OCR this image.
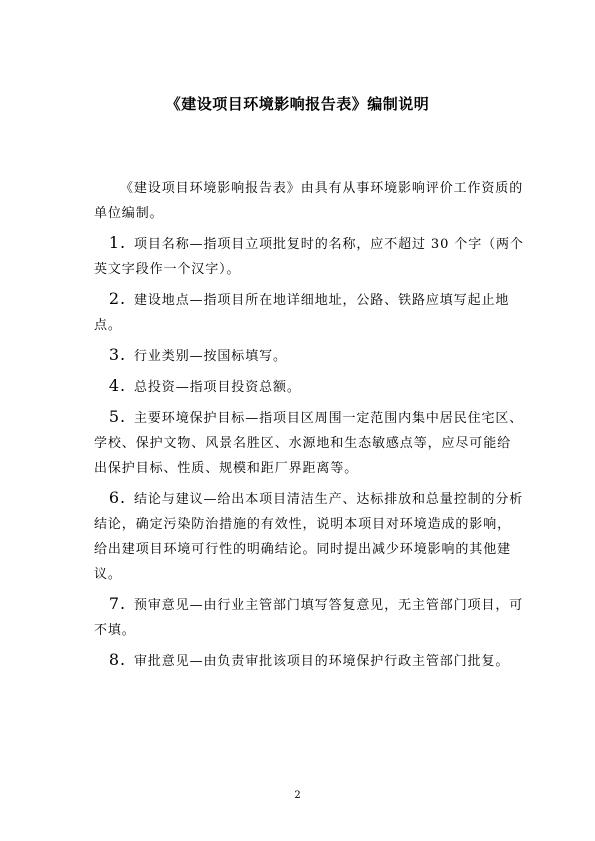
《建设项目环境影响报告表》编制说明

《建设项目环境影响报告表》由具有从事环境影响评价工作资质的单位编制。

1. 项目名称—指项目立项批复时的名称，应不超过 30 个字（两个英文字段作一个汉字）。

2. 建设地点—指项目所在地详细地址，公路、铁路应填写起止地点。

3. 行业类别—按国标填写。

4. 总投资—指项目投资总额。

5. 主要环境保护目标—指项目区周围一定范围内集中居民住宅区、学校、保护文物、风景名胜区、水源地和生态敏感点等，应尽可能给出保护目标、性质、规模和距厂界距离等。

6. 结论与建议—给出本项目清洁生产、达标排放和总量控制的分析结论，确定污染防治措施的有效性，说明本项目对环境造成的影响，给出建项目环境可行性的明确结论。同时提出减少环境影响的其他建议。

7. 预审意见—由行业主管部门填写答复意见，无主管部门项目，可不填。

8. 审批意见—由负责审批该项目的环境保护行政主管部门批复。

2
